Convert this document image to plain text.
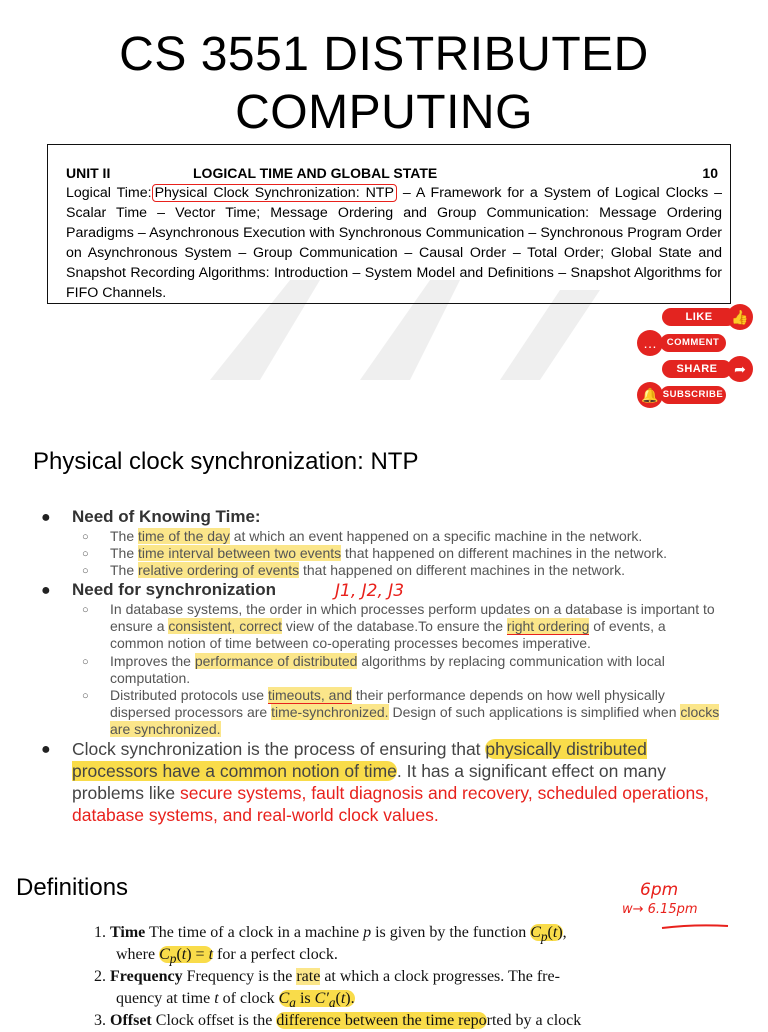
CS 3551 DISTRIBUTED COMPUTING
UNIT II	LOGICAL TIME AND GLOBAL STATE	10
Logical Time: Physical Clock Synchronization: NTP – A Framework for a System of Logical Clocks – Scalar Time – Vector Time; Message Ordering and Group Communication: Message Ordering Paradigms – Asynchronous Execution with Synchronous Communication – Synchronous Program Order on Asynchronous System – Group Communication – Causal Order – Total Order; Global State and Snapshot Recording Algorithms: Introduction – System Model and Definitions – Snapshot Algorithms for FIFO Channels.
LIKE	👍
…	COMMENT
SHARE	➦
🔔 SUBSCRIBE
Physical clock synchronization: NTP
● Need of Knowing Time:
○ The time of the day at which an event happened on a specific machine in the network.
○ The time interval between two events that happened on different machines in the network.
○ The relative ordering of events that happened on different machines in the network.
● Need for synchronization	J1, J2, J3
○ In database systems, the order in which processes perform updates on a database is important to ensure a consistent, correct view of the database.To ensure the right ordering of events, a common notion of time between co-operating processes becomes imperative.
○ Improves the performance of distributed algorithms by replacing communication with local computation.
○ Distributed protocols use timeouts, and their performance depends on how well physically dispersed processors are time-synchronized. Design of such applications is simplified when clocks are synchronized.
● Clock synchronization is the process of ensuring that physically distributed processors have a common notion of time. It has a significant effect on many problems like secure systems, fault diagnosis and recovery, scheduled operations, database systems, and real-world clock values.
Definitions	6pm
w→ 6.15pm
1. Time The time of a clock in a machine p is given by the function $C_p(t)$,
where $C_p(t) = t$ for a perfect clock.
2. Frequency Frequency is the rate at which a clock progresses. The fre-
quency at time t of clock $C_a$ is $C'_a(t)$.
3. Offset Clock offset is the difference between the time reported by a clock
